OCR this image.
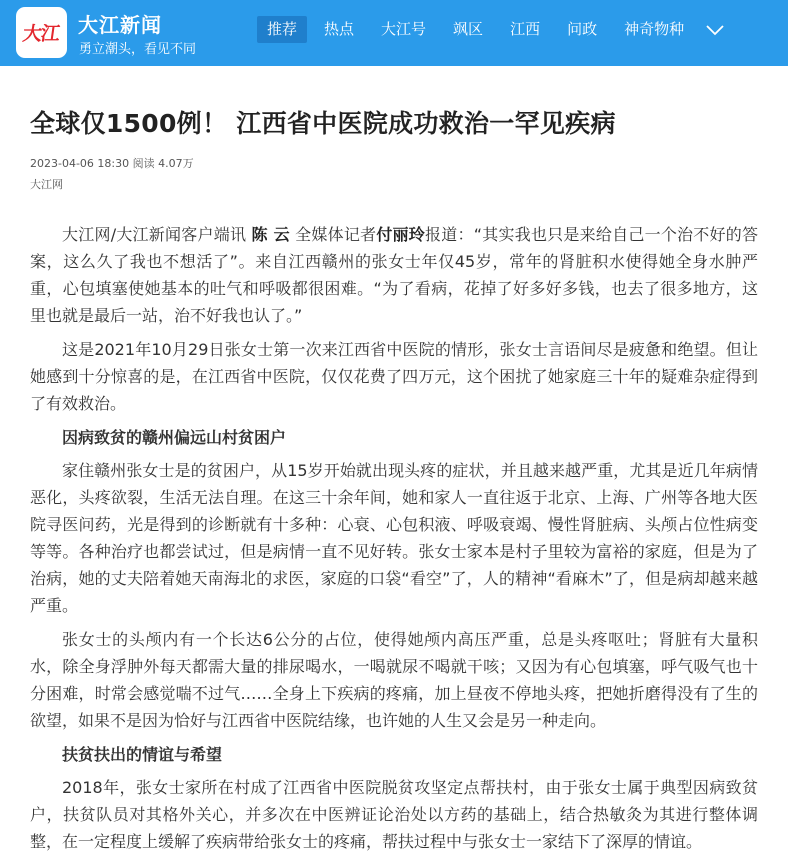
大江 大江新闻
勇立潮头，看见不同
推荐	热点	大江号	飒区	江西	问政	神奇物种
全球仅1500例！ 江西省中医院成功救治一罕见疾病
2023-04-06 18:30 阅读 4.07万
大江网

大江网/大江新闻客户端讯 陈 云 全媒体记者付丽玲报道：“其实我也只是来给自己一个治不好的答案，这么久了我也不想活了”。来自江西赣州的张女士年仅45岁，常年的肾脏积水使得她全身水肿严重，心包填塞使她基本的吐气和呼吸都很困难。“为了看病，花掉了好多好多钱，也去了很多地方，这里也就是最后一站，治不好我也认了。”

这是2021年10月29日张女士第一次来江西省中医院的情形，张女士言语间尽是疲惫和绝望。但让她感到十分惊喜的是，在江西省中医院，仅仅花费了四万元，这个困扰了她家庭三十年的疑难杂症得到了有效救治。

因病致贫的赣州偏远山村贫困户

家住赣州张女士是的贫困户，从15岁开始就出现头疼的症状，并且越来越严重，尤其是近几年病情恶化，头疼欲裂，生活无法自理。在这三十余年间，她和家人一直往返于北京、上海、广州等各地大医院寻医问药，光是得到的诊断就有十多种：心衰、心包积液、呼吸衰竭、慢性肾脏病、头颅占位性病变等等。各种治疗也都尝试过，但是病情一直不见好转。张女士家本是村子里较为富裕的家庭，但是为了治病，她的丈夫陪着她天南海北的求医，家庭的口袋“看空”了，人的精神“看麻木”了，但是病却越来越严重。

张女士的头颅内有一个长达6公分的占位，使得她颅内高压严重，总是头疼呕吐；肾脏有大量积水，除全身浮肿外每天都需大量的排尿喝水，一喝就尿不喝就干咳；又因为有心包填塞，呼气吸气也十分困难，时常会感觉喘不过气……全身上下疾病的疼痛，加上昼夜不停地头疼，把她折磨得没有了生的欲望，如果不是因为恰好与江西省中医院结缘，也许她的人生又会是另一种走向。

扶贫扶出的情谊与希望

2018年，张女士家所在村成了江西省中医院脱贫攻坚定点帮扶村，由于张女士属于典型因病致贫户，扶贫队员对其格外关心，并多次在中医辨证论治处以方药的基础上，结合热敏灸为其进行整体调整，在一定程度上缓解了疾病带给张女士的疼痛，帮扶过程中与张女士一家结下了深厚的情谊。
